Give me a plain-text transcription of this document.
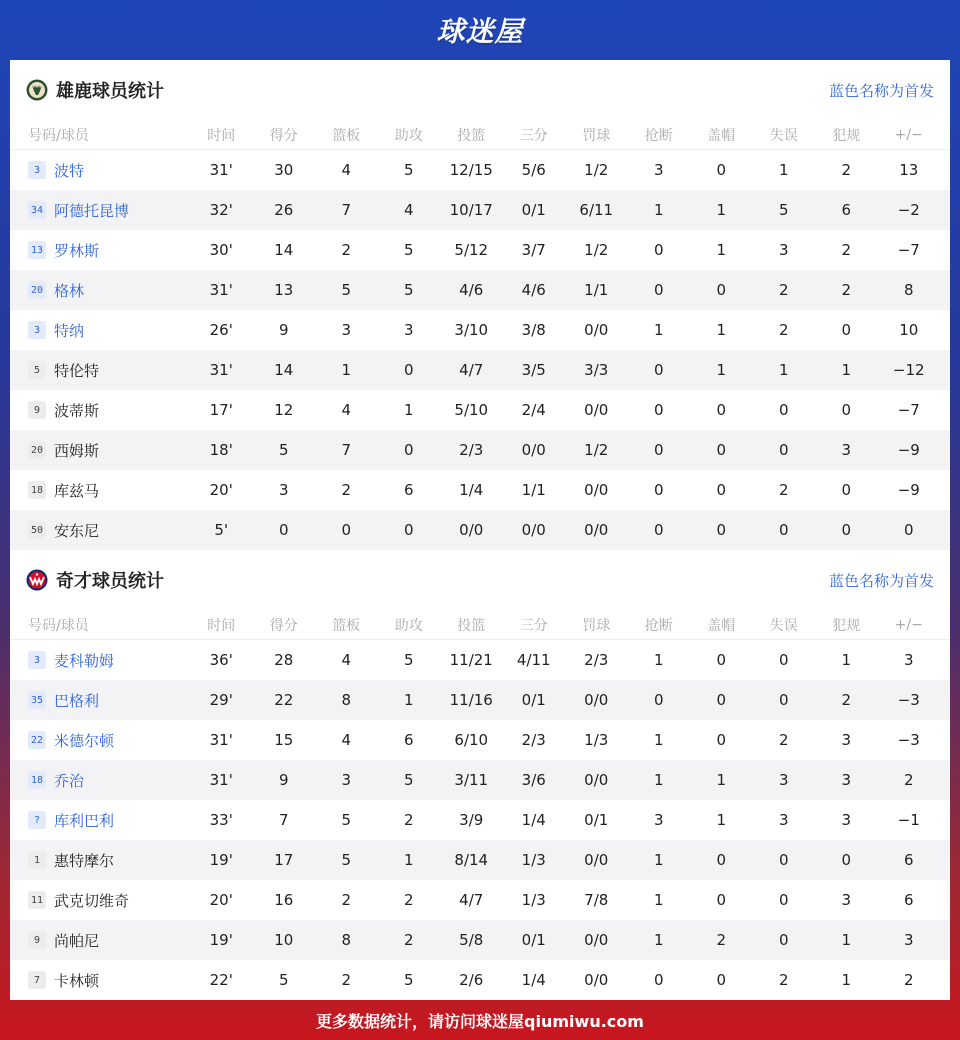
球迷屋
雄鹿球员统计	蓝色名称为首发
号码/球员	时间	得分	篮板	助攻	投篮	三分	罚球	抢断	盖帽	失误	犯规	+/−
3 波特	31'	30	4	5	12/15	5/6	1/2	3	0	1	2	13
34 阿德托昆博	32'	26	7	4	10/17	0/1	6/11	1	1	5	6	−2
13 罗林斯	30'	14	2	5	5/12	3/7	1/2	0	1	3	2	−7
20 格林	31'	13	5	5	4/6	4/6	1/1	0	0	2	2	8
3 特纳	26'	9	3	3	3/10	3/8	0/0	1	1	2	0	10
5 特伦特	31'	14	1	0	4/7	3/5	3/3	0	1	1	1	−12
9 波蒂斯	17'	12	4	1	5/10	2/4	0/0	0	0	0	0	−7
20 西姆斯	18'	5	7	0	2/3	0/0	1/2	0	0	0	3	−9
18 库兹马	20'	3	2	6	1/4	1/1	0/0	0	0	2	0	−9
50 安东尼	5'	0	0	0	0/0	0/0	0/0	0	0	0	0	0
奇才球员统计	蓝色名称为首发
号码/球员	时间	得分	篮板	助攻	投篮	三分	罚球	抢断	盖帽	失误	犯规	+/−
3 麦科勒姆	36'	28	4	5	11/21	4/11	2/3	1	0	0	1	3
35 巴格利	29'	22	8	1	11/16	0/1	0/0	0	0	0	2	−3
22 米德尔顿	31'	15	4	6	6/10	2/3	1/3	1	0	2	3	−3
18 乔治	31'	9	3	5	3/11	3/6	0/0	1	1	3	3	2
? 库利巴利	33'	7	5	2	3/9	1/4	0/1	3	1	3	3	−1
1 惠特摩尔	19'	17	5	1	8/14	1/3	0/0	1	0	0	0	6
11 武克切维奇	20'	16	2	2	4/7	1/3	7/8	1	0	0	3	6
9 尚帕尼	19'	10	8	2	5/8	0/1	0/0	1	2	0	1	3
7 卡林顿	22'	5	2	5	2/6	1/4	0/0	0	0	2	1	2
更多数据统计，请访问球迷屋qiumiwu.com
